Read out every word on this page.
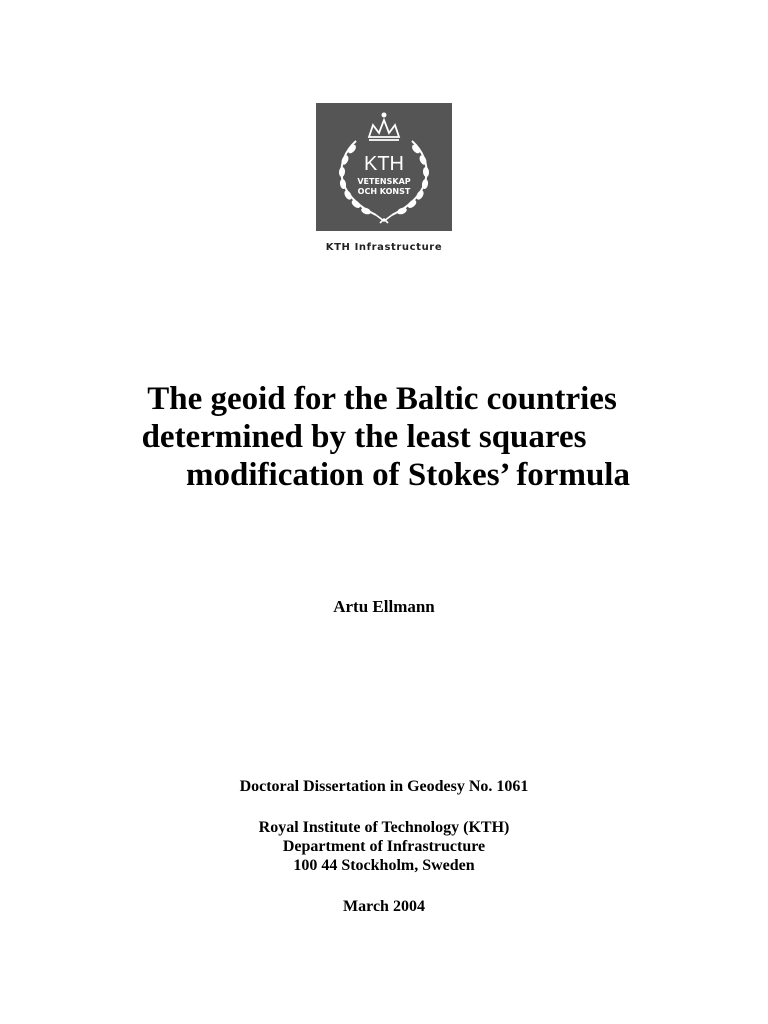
KTH
VETENSKAP
OCH KONST
KTH Infrastructure
The geoid for the Baltic countries
determined by the least squares
modification of Stokes’ formula
Artu Ellmann
Doctoral Dissertation in Geodesy No. 1061
Royal Institute of Technology (KTH)
Department of Infrastructure
100 44 Stockholm, Sweden
March 2004
